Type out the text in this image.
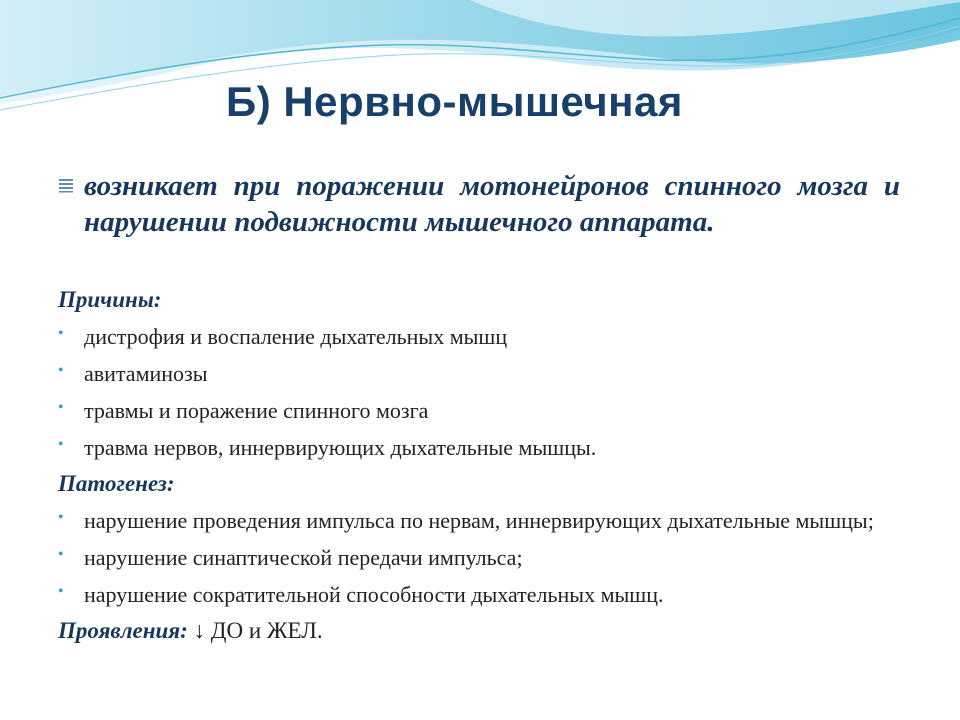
Б) Нервно-мышечная

возникает при поражении мотонейронов спинного мозга и нарушении подвижности мышечного аппарата.

Причины:

• дистрофия и воспаление дыхательных мышц
• авитаминозы
• травмы и поражение спинного мозга
• травма нервов, иннервирующих дыхательные мышцы.

Патогенез:

• нарушение проведения импульса по нервам, иннервирующих дыхательные мышцы;
• нарушение синаптической передачи импульса;
• нарушение сократительной способности дыхательных мышц.

Проявления: ↓ ДО и ЖЕЛ.
